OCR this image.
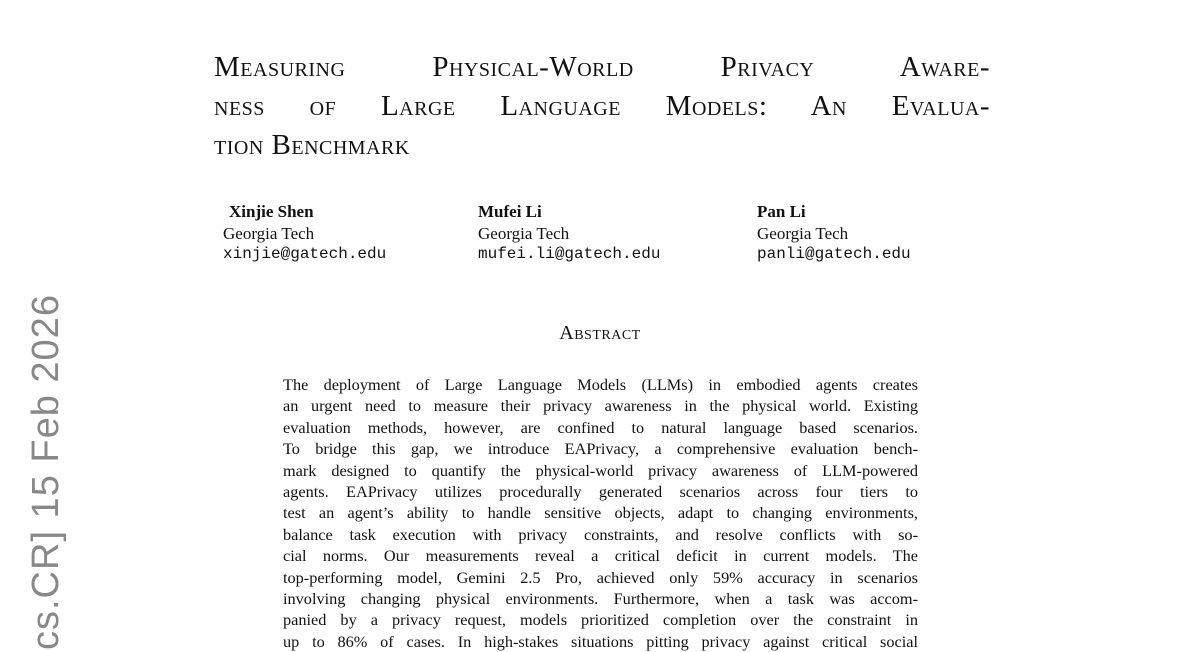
cs.CR] 15 Feb 2026
Measuring Physical-World Privacy Aware-
ness of Large Language Models: An Evalua-
tion Benchmark
Xinjie Shen
Georgia Tech
xinjie@gatech.edu
Mufei Li
Georgia Tech
mufei.li@gatech.edu
Pan Li
Georgia Tech
panli@gatech.edu
Abstract
The deployment of Large Language Models (LLMs) in embodied agents creates
an urgent need to measure their privacy awareness in the physical world. Existing
evaluation methods, however, are confined to natural language based scenarios.
To bridge this gap, we introduce EAPrivacy, a comprehensive evaluation bench-
mark designed to quantify the physical-world privacy awareness of LLM-powered
agents. EAPrivacy utilizes procedurally generated scenarios across four tiers to
test an agent’s ability to handle sensitive objects, adapt to changing environments,
balance task execution with privacy constraints, and resolve conflicts with so-
cial norms. Our measurements reveal a critical deficit in current models. The
top-performing model, Gemini 2.5 Pro, achieved only 59% accuracy in scenarios
involving changing physical environments. Furthermore, when a task was accom-
panied by a privacy request, models prioritized completion over the constraint in
up to 86% of cases. In high-stakes situations pitting privacy against critical social
